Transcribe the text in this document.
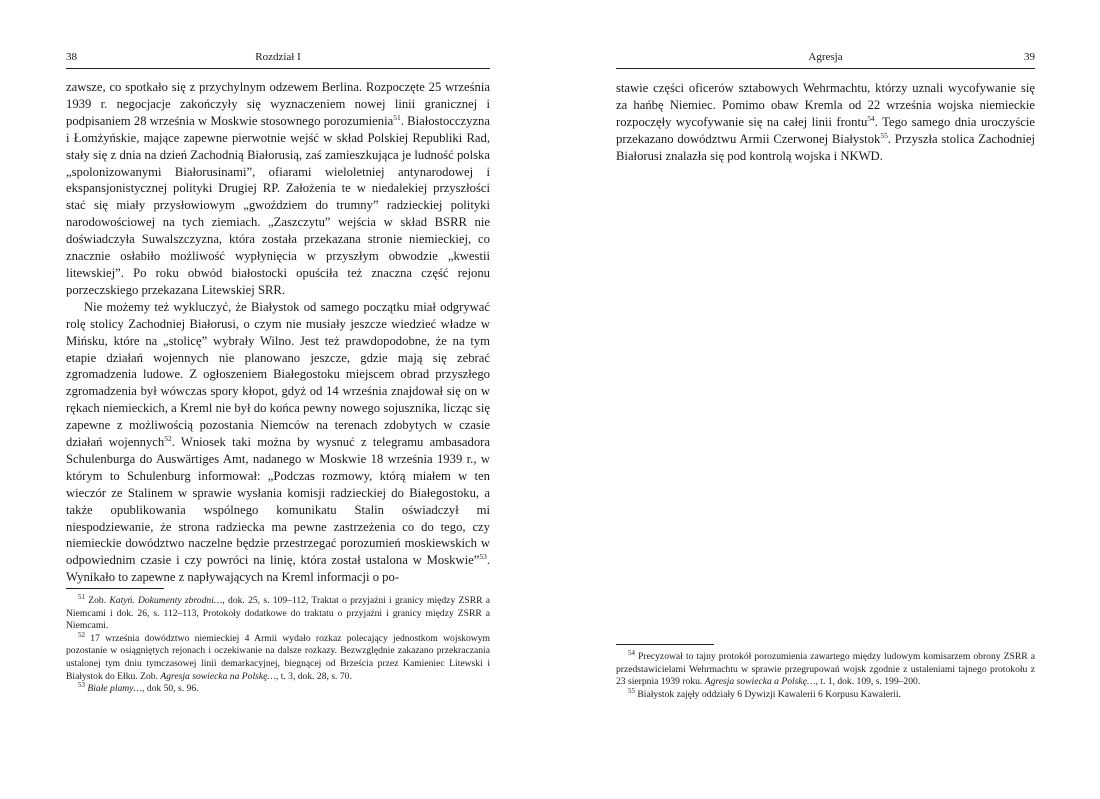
38	Rozdział I

zawsze, co spotkało się z przychylnym odzewem Berlina. Rozpoczęte 25 września 1939 r. negocjacje zakończyły się wyznaczeniem nowej linii granicznej i podpisaniem 28 września w Moskwie stosownego porozumienia$^{51}$. Białostocczyzna i Łomżyńskie, mające zapewne pierwotnie wejść w skład Polskiej Republiki Rad, stały się z dnia na dzień Zachodnią Białorusią, zaś zamieszkująca je ludność polska „spolonizowanymi Białorusinami”, ofiarami wieloletniej antynarodowej i ekspansjonistycznej polityki Drugiej RP. Założenia te w niedalekiej przyszłości stać się miały przysłowiowym „gwoździem do trumny” radzieckiej polityki narodowościowej na tych ziemiach. „Zaszczytu” wejścia w skład BSRR nie doświadczyła Suwalszczyzna, która została przekazana stronie niemieckiej, co znacznie osłabiło możliwość wypłynięcia w przyszłym obwodzie „kwestii litewskiej”. Po roku obwód białostocki opuściła też znaczna część rejonu porzeczskiego przekazana Litewskiej SRR.

Nie możemy też wykluczyć, że Białystok od samego początku miał odgrywać rolę stolicy Zachodniej Białorusi, o czym nie musiały jeszcze wiedzieć władze w Mińsku, które na „stolicę” wybrały Wilno. Jest też prawdopodobne, że na tym etapie działań wojennych nie planowano jeszcze, gdzie mają się zebrać zgromadzenia ludowe. Z ogłoszeniem Białegostoku miejscem obrad przyszłego zgromadzenia był wówczas spory kłopot, gdyż od 14 września znajdował się on w rękach niemieckich, a Kreml nie był do końca pewny nowego sojusznika, licząc się zapewne z możliwością pozostania Niemców na terenach zdobytych w czasie działań wojennych$^{52}$. Wniosek taki można by wysnuć z telegramu ambasadora Schulenburga do Auswärtiges Amt, nadanego w Moskwie 18 września 1939 r., w którym to Schulenburg informował: „Podczas rozmowy, którą miałem w ten wieczór ze Stalinem w sprawie wysłania komisji radzieckiej do Białegostoku, a także opublikowania wspólnego komunikatu Stalin oświadczył mi niespodziewanie, że strona radziecka ma pewne zastrzeżenia co do tego, czy niemieckie dowództwo naczelne będzie przestrzegać porozumień moskiewskich w odpowiednim czasie i czy powróci na linię, która został ustalona w Moskwie”$^{53}$. Wynikało to zapewne z napływających na Kreml informacji o po-

$^{51}$ Zob. Katyń. Dokumenty zbrodni…, dok. 25, s. 109–112, Traktat o przyjaźni i granicy między ZSRR a Niemcami i dok. 26, s. 112–113, Protokoły dodatkowe do traktatu o przyjaźni i granicy między ZSRR a Niemcami.

$^{52}$ 17 września dowództwo niemieckiej 4 Armii wydało rozkaz polecający jednostkom wojskowym pozostanie w osiągniętych rejonach i oczekiwanie na dalsze rozkazy. Bezwzględnie zakazano przekraczania ustalonej tym dniu tymczasowej linii demarkacyjnej, biegnącej od Brześcia przez Kamieniec Litewski i Białystok do Ełku. Zob. Agresja sowiecka na Polskę…, t. 3, dok. 28, s. 70.

$^{53}$ Białe plamy…, dok 50, s. 96.

Agresja	39

stawie części oficerów sztabowych Wehrmachtu, którzy uznali wycofywanie się za hańbę Niemiec. Pomimo obaw Kremla od 22 września wojska niemieckie rozpoczęły wycofywanie się na całej linii frontu$^{54}$. Tego samego dnia uroczyście przekazano dowództwu Armii Czerwonej Białystok$^{55}$. Przyszła stolica Zachodniej Białorusi znalazła się pod kontrolą wojska i NKWD.

$^{54}$ Precyzował to tajny protokół porozumienia zawartego między ludowym komisarzem obrony ZSRR a przedstawicielami Wehrmachtu w sprawie przegrupowań wojsk zgodnie z ustaleniami tajnego protokołu z 23 sierpnia 1939 roku. Agresja sowiecka a Polskę…, t. 1, dok. 109, s. 199–200.

$^{55}$ Białystok zajęły oddziały 6 Dywizji Kawalerii 6 Korpusu Kawalerii.
